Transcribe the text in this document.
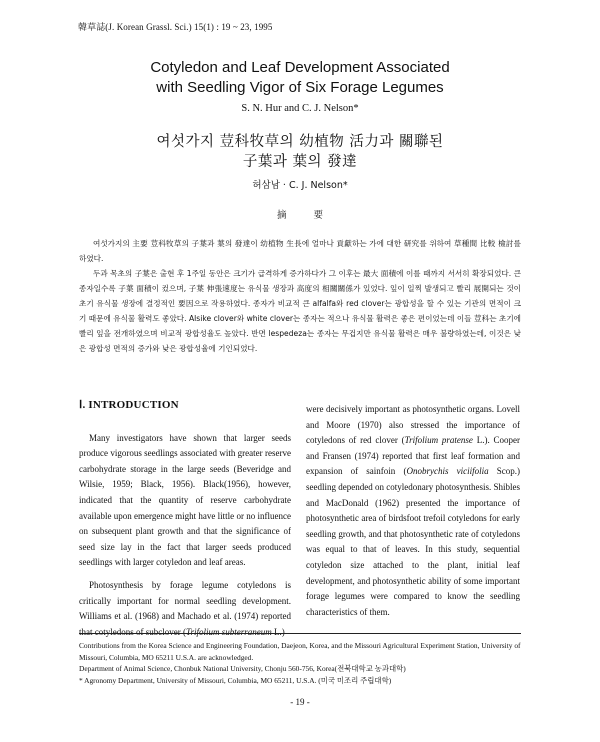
韓草誌(J. Korean Grassl. Sci.) 15(1) : 19 ~ 23, 1995
Cotyledon and Leaf Development Associated
with Seedling Vigor of Six Forage Legumes
S. N. Hur and C. J. Nelson*
여섯가지 荳科牧草의 幼植物 活力과 關聯된
子葉과 葉의 發達
허삼남 · C. J. Nelson*
摘 要

여섯가지의 主要 荳科牧草의 子葉과 葉의 發達이 幼植物 生長에 얼마나 貢獻하는 가에 대한 研究를 위하여 草種間 比較 檢討를 하였다.

두과 목초의 子葉은 출현 후 1주일 동안은 크기가 급격하게 증가하다가 그 이후는 最大 面積에 이를 때까지 서서히 확장되었다. 큰 종자일수록 子葉 面積이 컸으며, 子葉 伸張速度는 유식물 생장과 高度의 相關關係가 있었다. 잎이 일찍 발생되고 빨리 展開되는 것이 초기 유식물 생장에 결정적인 要因으로 작용하였다. 종자가 비교적 큰 alfalfa와 red clover는 광합성을 할 수 있는 기관의 면적이 크기 때문에 유식물 활력도 좋았다. Alsike clover와 white clover는 종자는 적으나 유식물 활력은 좋은 편이었는데 이들 荳科는 초기에 빨리 잎을 전개하였으며 비교적 광합성율도 높았다. 반면 lespedeza는 종자는 무겁지만 유식물 활력은 매우 불량하였는데, 이것은 낮은 광합성 면적의 증가와 낮은 광합성율에 기인되었다.

Ⅰ. INTRODUCTION

Many investigators have shown that larger seeds produce vigorous seedlings associated with greater reserve carbohydrate storage in the large seeds (Beveridge and Wilsie, 1959; Black, 1956). Black(1956), however, indicated that the quantity of reserve carbohydrate available upon emergence might have little or no influence on subsequent plant growth and that the significance of seed size lay in the fact that larger seeds produced seedlings with larger cotyledon and leaf areas.

Photosynthesis by forage legume cotyledons is critically important for normal seedling development. Williams et al. (1968) and Machado et al. (1974) reported that cotyledons of subclover (Trifolium subterraneum L.)

were decisively important as photosynthetic organs. Lovell and Moore (1970) also stressed the importance of cotyledons of red clover (Trifolium pratense L.). Cooper and Fransen (1974) reported that first leaf formation and expansion of sainfoin (Onobrychis viciifolia Scop.) seedling depended on cotyledonary photosynthesis. Shibles and MacDonald (1962) presented the importance of photosynthetic area of birdsfoot trefoil cotyledons for early seedling growth, and that photosynthetic rate of cotyledons was equal to that of leaves. In this study, sequential cotyledon size attached to the plant, initial leaf development, and photosynthetic ability of some important forage legumes were compared to know the seedling characteristics of them.

Contributions from the Korea Science and Engineering Foundation, Daejeon, Korea, and the Missouri Agricultural Experiment Station, University of Missouri, Columbia, MO 65211 U.S.A. are acknowledged.

Department of Animal Science, Chonbuk National University, Chonju 560-756, Korea(전북대학교 농과대학)

* Agronomy Department, University of Missouri, Columbia, MO 65211, U.S.A. (미국 미조리 주립대학)

- 19 -
